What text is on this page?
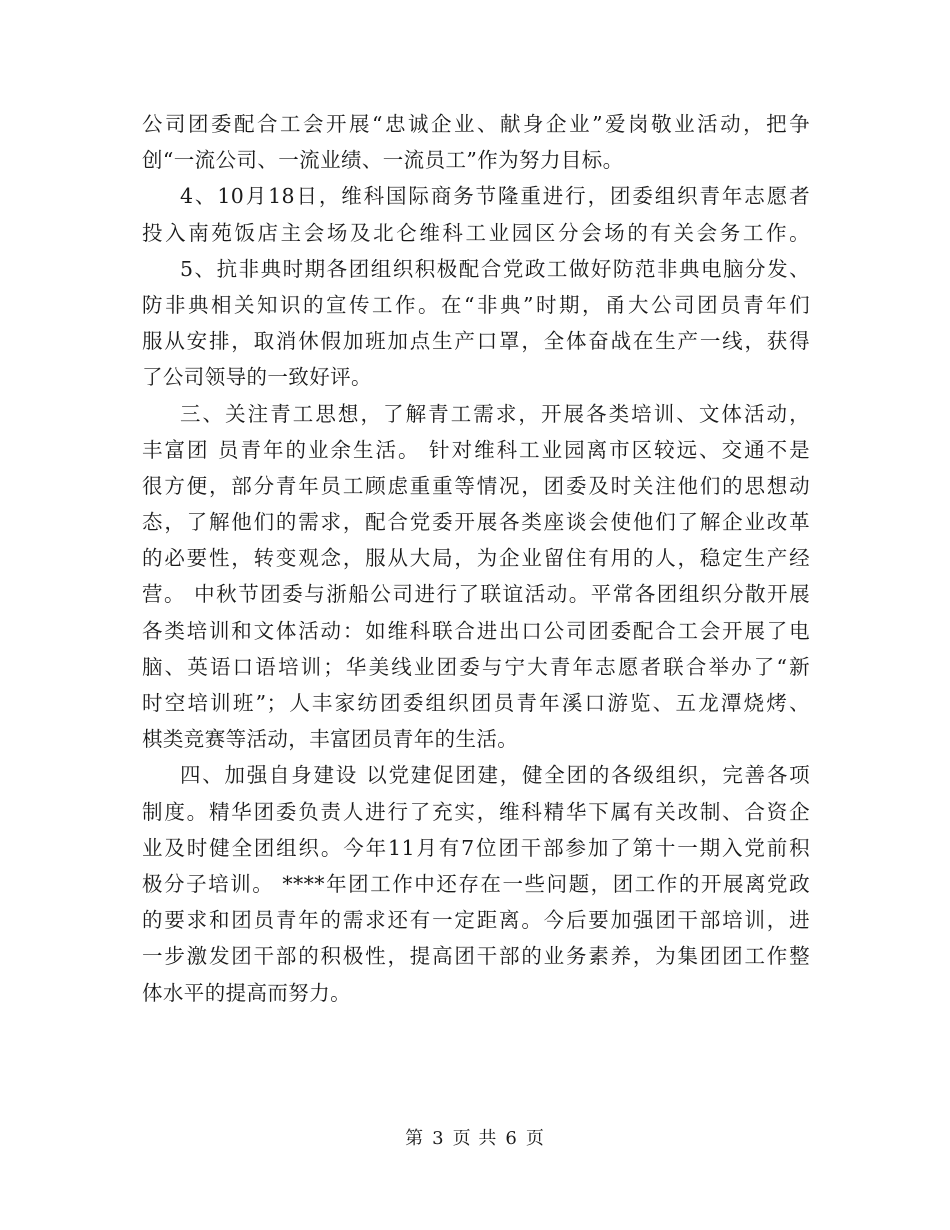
公司团委配合工会开展“忠诚企业、献身企业”爱岗敬业活动，把争
创“一流公司、一流业绩、一流员工”作为努力目标。
4、10月18日，维科国际商务节隆重进行，团委组织青年志愿者
投入南苑饭店主会场及北仑维科工业园区分会场的有关会务工作。
5、抗非典时期各团组织积极配合党政工做好防范非典电脑分发、
防非典相关知识的宣传工作。在“非典”时期，甬大公司团员青年们
服从安排，取消休假加班加点生产口罩，全体奋战在生产一线，获得
了公司领导的一致好评。
三、关注青工思想，了解青工需求，开展各类培训、文体活动，
丰富团 员青年的业余生活。 针对维科工业园离市区较远、交通不是
很方便，部分青年员工顾虑重重等情况，团委及时关注他们的思想动
态，了解他们的需求，配合党委开展各类座谈会使他们了解企业改革
的必要性，转变观念，服从大局，为企业留住有用的人，稳定生产经
营。 中秋节团委与浙船公司进行了联谊活动。平常各团组织分散开展
各类培训和文体活动：如维科联合进出口公司团委配合工会开展了电
脑、英语口语培训；华美线业团委与宁大青年志愿者联合举办了“新
时空培训班”；人丰家纺团委组织团员青年溪口游览、五龙潭烧烤、
棋类竞赛等活动，丰富团员青年的生活。
四、加强自身建设 以党建促团建，健全团的各级组织，完善各项
制度。精华团委负责人进行了充实，维科精华下属有关改制、合资企
业及时健全团组织。今年11月有7位团干部参加了第十一期入党前积
极分子培训。 ****年团工作中还存在一些问题，团工作的开展离党政
的要求和团员青年的需求还有一定距离。今后要加强团干部培训，进
一步激发团干部的积极性，提高团干部的业务素养，为集团团工作整
体水平的提高而努力。
第 3 页 共 6 页
